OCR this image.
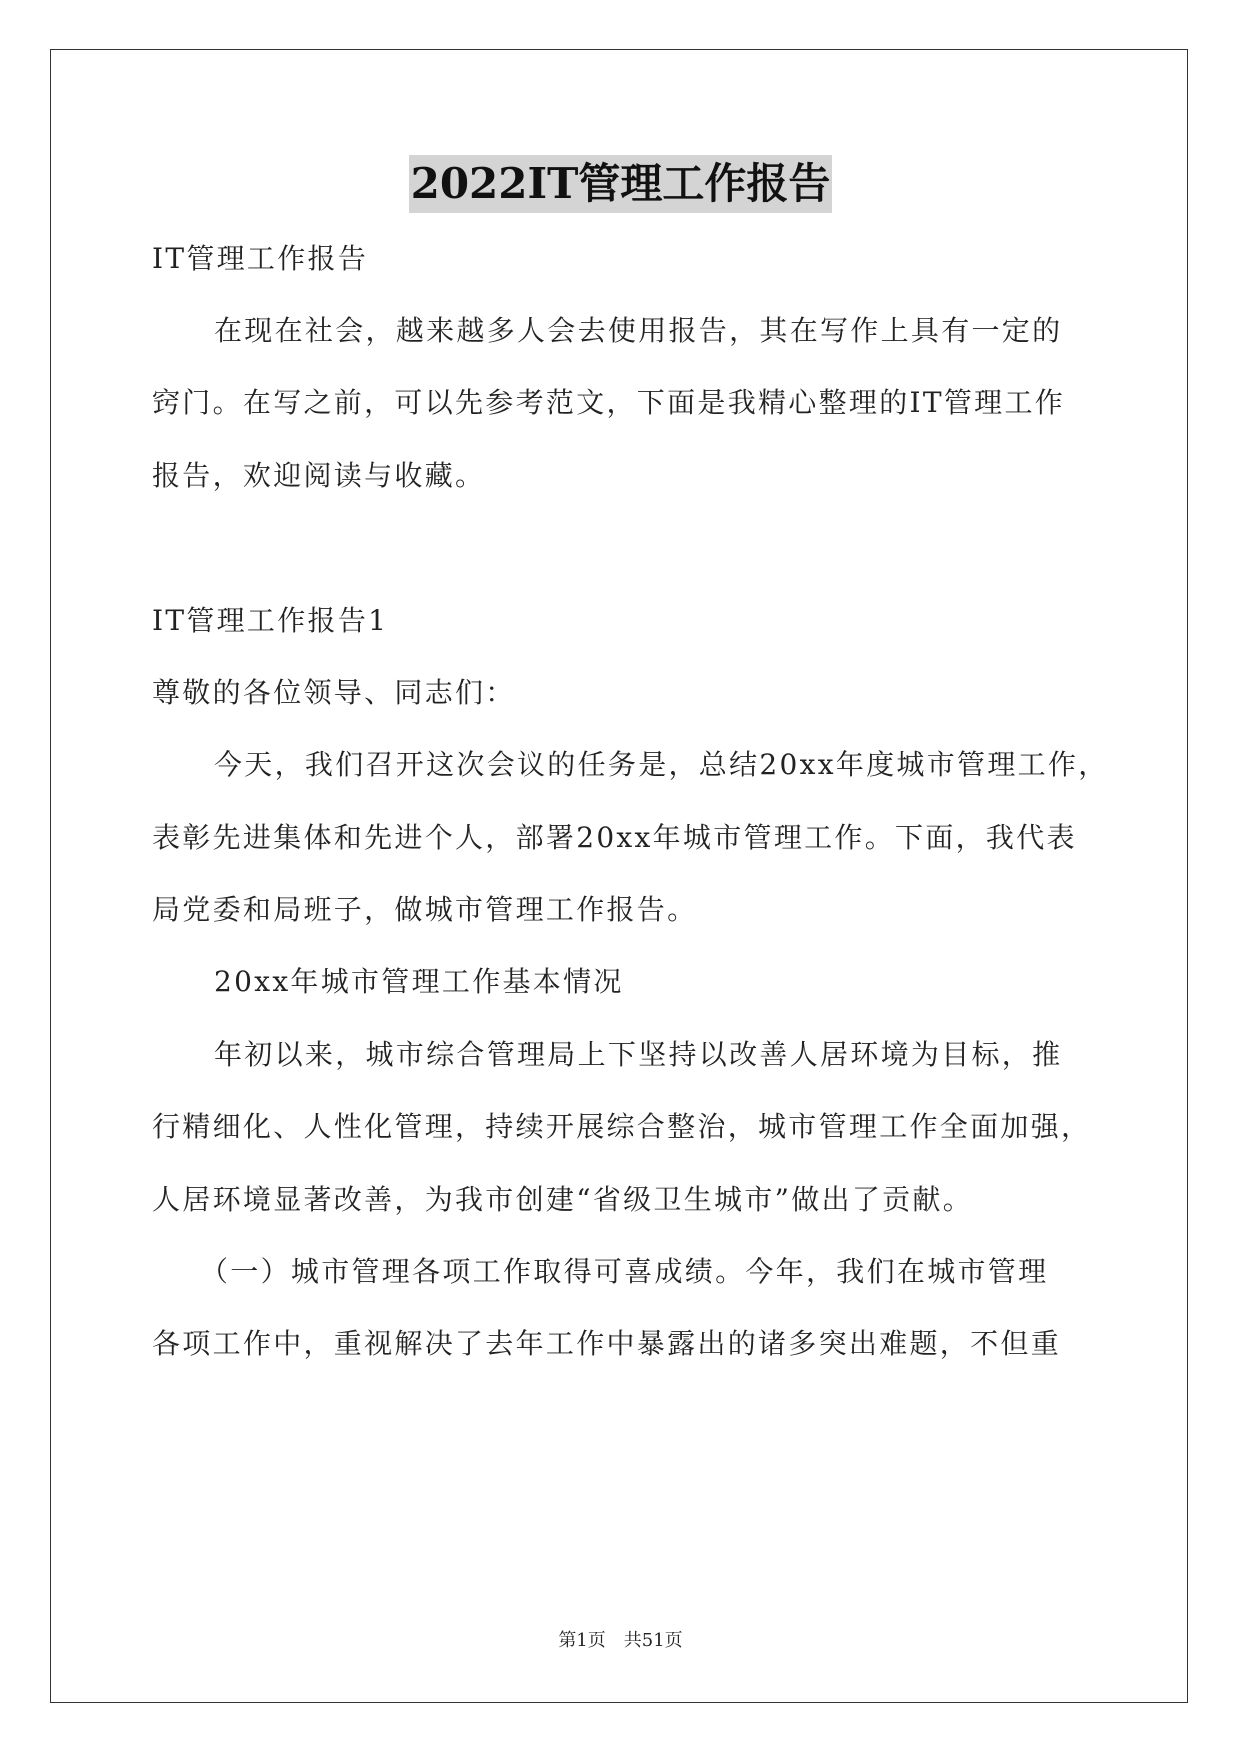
2022IT管理工作报告
IT管理工作报告
在现在社会，越来越多人会去使用报告，其在写作上具有一定的
窍门。在写之前，可以先参考范文，下面是我精心整理的IT管理工作
报告，欢迎阅读与收藏。
IT管理工作报告1
尊敬的各位领导、同志们：
今天，我们召开这次会议的任务是，总结20xx年度城市管理工作，
表彰先进集体和先进个人，部署20xx年城市管理工作。下面，我代表
局党委和局班子，做城市管理工作报告。
20xx年城市管理工作基本情况
年初以来，城市综合管理局上下坚持以改善人居环境为目标，推
行精细化、人性化管理，持续开展综合整治，城市管理工作全面加强，
人居环境显著改善，为我市创建“省级卫生城市”做出了贡献。
（一）城市管理各项工作取得可喜成绩。今年，我们在城市管理
各项工作中，重视解决了去年工作中暴露出的诸多突出难题，不但重
第1页　共51页
